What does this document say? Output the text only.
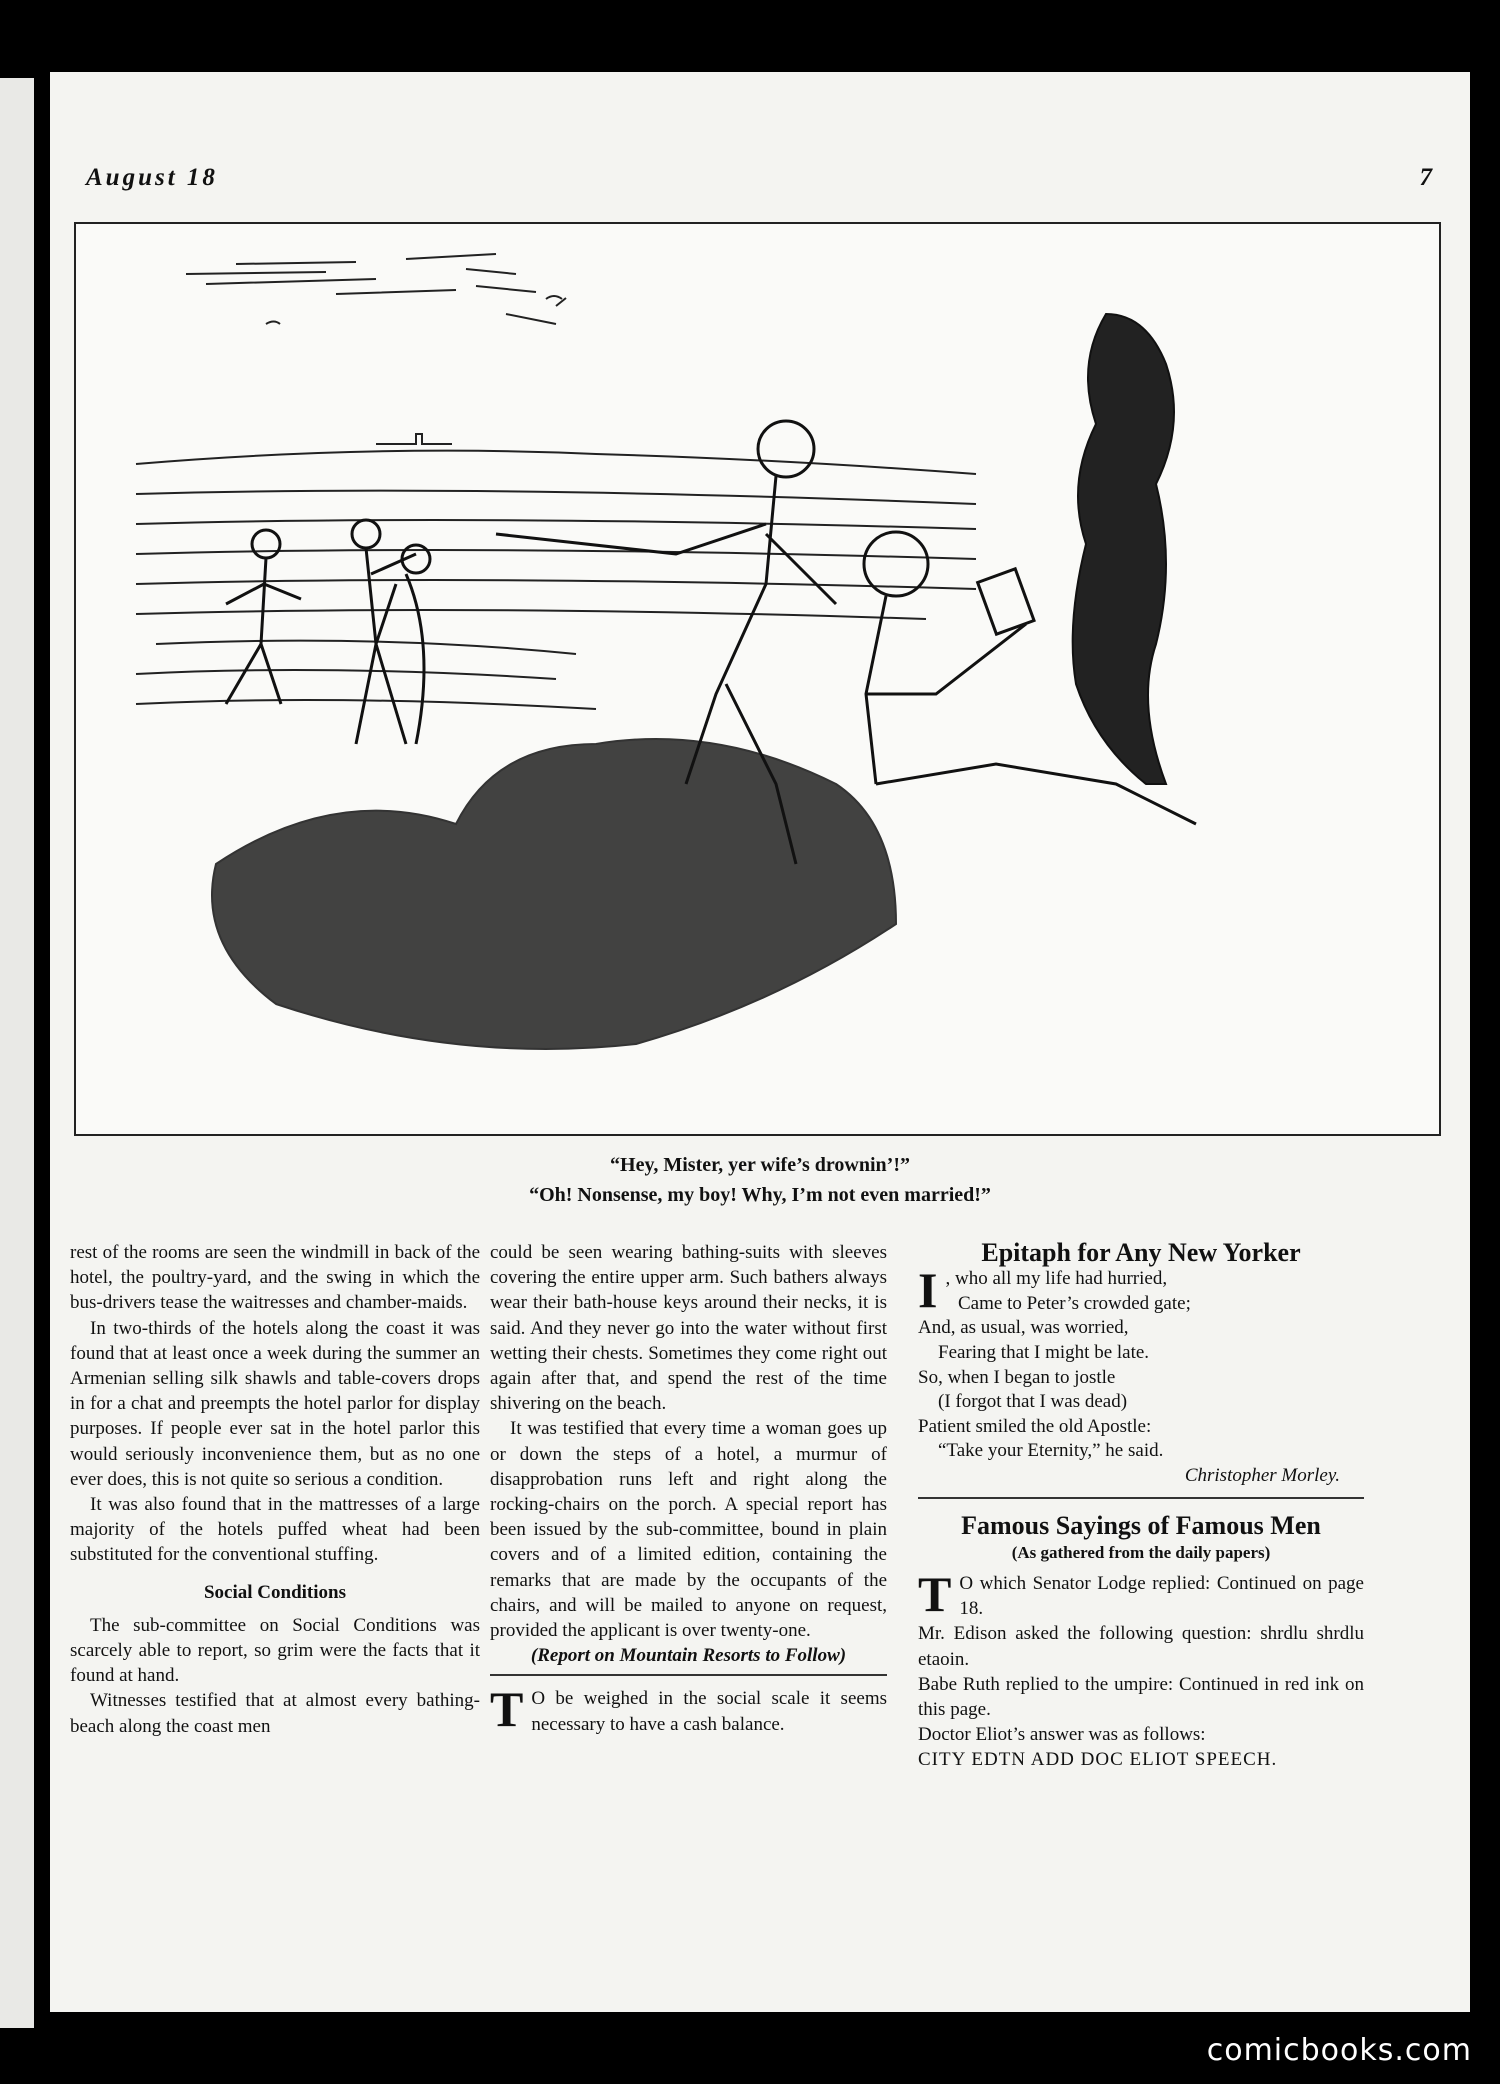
August 18	7
“Hey, Mister, yer wife’s drownin’!”
“Oh! Nonsense, my boy! Why, I’m not even married!”

rest of the rooms are seen the windmill in back of the hotel, the poultry-yard, and the swing in which the bus-drivers tease the waitresses and chamber-maids.

In two-thirds of the hotels along the coast it was found that at least once a week during the summer an Armenian selling silk shawls and table-covers drops in for a chat and preempts the hotel parlor for display purposes. If people ever sat in the hotel parlor this would seriously inconvenience them, but as no one ever does, this is not quite so serious a condition.

It was also found that in the mattresses of a large majority of the hotels puffed wheat had been substituted for the conventional stuffing.

Social Conditions

The sub-committee on Social Conditions was scarcely able to report, so grim were the facts that it found at hand.

Witnesses testified that at almost every bathing-beach along the coast men

could be seen wearing bathing-suits with sleeves covering the entire upper arm. Such bathers always wear their bath-house keys around their necks, it is said. And they never go into the water without first wetting their chests. Sometimes they come right out again after that, and spend the rest of the time shivering on the beach.

It was testified that every time a woman goes up or down the steps of a hotel, a murmur of disapprobation runs left and right along the rocking-chairs on the porch. A special report has been issued by the sub-committee, bound in plain covers and of a limited edition, containing the remarks that are made by the occupants of the chairs, and will be mailed to anyone on request, provided the applicant is over twenty-one.

(Report on Mountain Resorts to Follow)

T O be weighed in the social scale it seems necessary to have a cash balance.

Epitaph for Any New Yorker
I , who all my life had hurried,
Came to Peter’s crowded gate;
And, as usual, was worried,
Fearing that I might be late.
So, when I began to jostle
(I forgot that I was dead)
Patient smiled the old Apostle:
“Take your Eternity,” he said.
Christopher Morley.
Famous Sayings of Famous Men
(As gathered from the daily papers)

T O which Senator Lodge replied: Continued on page 18.

Mr. Edison asked the following question: shrdlu shrdlu etaoin.

Babe Ruth replied to the umpire: Continued in red ink on this page.

Doctor Eliot’s answer was as follows:

CITY EDTN ADD DOC ELIOT SPEECH.

comicbooks.com
